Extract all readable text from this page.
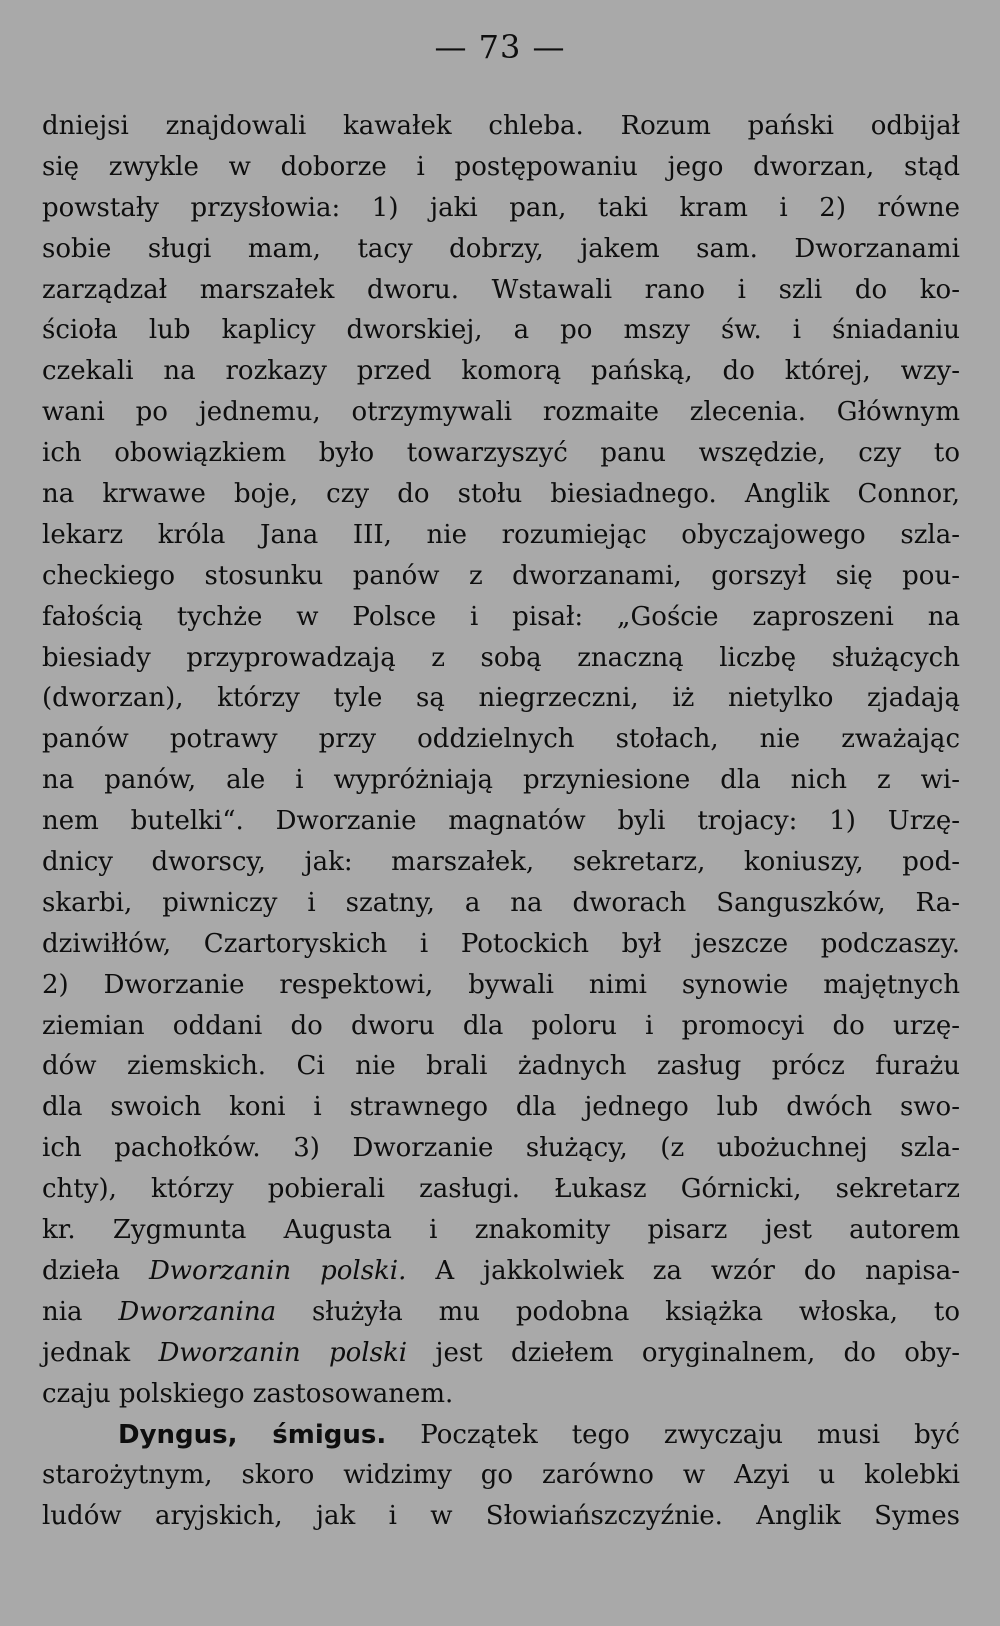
— 73 —
dniejsi znajdowali kawałek chleba. Rozum pański odbijał
się zwykle w doborze i postępowaniu jego dworzan, stąd
powstały przysłowia: 1) jaki pan, taki kram i 2) równe
sobie sługi mam, tacy dobrzy, jakem sam. Dworzanami
zarządzał marszałek dworu. Wstawali rano i szli do ko-
ścioła lub kaplicy dworskiej, a po mszy św. i śniadaniu
czekali na rozkazy przed komorą pańską, do której, wzy-
wani po jednemu, otrzymywali rozmaite zlecenia. Głównym
ich obowiązkiem było towarzyszyć panu wszędzie, czy to
na krwawe boje, czy do stołu biesiadnego. Anglik Connor,
lekarz króla Jana III, nie rozumiejąc obyczajowego szla-
checkiego stosunku panów z dworzanami, gorszył się pou-
fałością tychże w Polsce i pisał: „Goście zaproszeni na
biesiady przyprowadzają z sobą znaczną liczbę służących
(dworzan), którzy tyle są niegrzeczni, iż nietylko zjadają
panów potrawy przy oddzielnych stołach, nie zważając
na panów, ale i wypróżniają przyniesione dla nich z wi-
nem butelki“. Dworzanie magnatów byli trojacy: 1) Urzę-
dnicy dworscy, jak: marszałek, sekretarz, koniuszy, pod-
skarbi, piwniczy i szatny, a na dworach Sanguszków, Ra-
dziwiłłów, Czartoryskich i Potockich był jeszcze podczaszy.
2) Dworzanie respektowi, bywali nimi synowie majętnych
ziemian oddani do dworu dla poloru i promocyi do urzę-
dów ziemskich. Ci nie brali żadnych zasług prócz furażu
dla swoich koni i strawnego dla jednego lub dwóch swo-
ich pachołków. 3) Dworzanie służący, (z ubożuchnej szla-
chty), którzy pobierali zasługi. Łukasz Górnicki, sekretarz
kr. Zygmunta Augusta i znakomity pisarz jest autorem
dzieła Dworzanin polski. A jakkolwiek za wzór do napisa-
nia Dworzanina służyła mu podobna książka włoska, to
jednak Dworzanin polski jest dziełem oryginalnem, do oby-
czaju polskiego zastosowanem.
Dyngus, śmigus. Początek tego zwyczaju musi być
starożytnym, skoro widzimy go zarówno w Azyi u kolebki
ludów aryjskich, jak i w Słowiańszczyźnie. Anglik Symes
